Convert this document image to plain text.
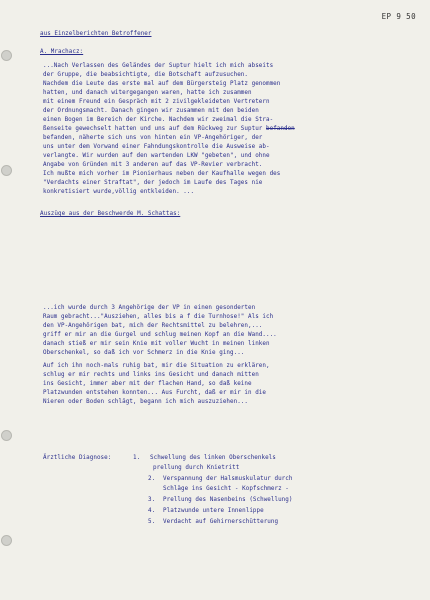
EP 9 50
aus Einzelberichten Betroffener
A. Mrachacz:
...Nach Verlassen des Geländes der Suptur hielt ich mich abseits
der Gruppe, die beabsichtigte, die Botschaft aufzusuchen.
Nachdem die Leute das erste mal auf dem Bürgersteig Platz genommen
hatten, und danach witergegangen waren, hatte ich zusammen
mit einem Freund ein Gespräch mit 2 zivilgekleideten Vertretern
der Ordnungsmacht. Danach gingen wir zusammen mit den beiden
einen Bogen im Bereich der Kirche. Nachdem wir zweimal die Stra-
ßenseite gewechselt hatten und uns auf dem Rückweg zur Suptur befanden
befanden, näherte sich uns von hinten ein VP-Angehöriger, der
uns unter dem Vorwand einer Fahndungskontrolle die Ausweise ab-
verlangte. Wir wurden auf den wartenden LKW "gebeten", und ohne
Angabe von Gründen mit 3 anderen auf das VP-Revier verbracht.
Ich mußte mich vorher im Pionierhaus neben der Kaufhalle wegen des
"Verdachts einer Straftat", der jedoch im Laufe des Tages nie
konkretisiert wurde,völlig entkleiden. ...
Auszüge aus der Beschwerde M. Schattas:
...ich wurde durch 3 Angehörige der VP in einen gesonderten
Raum gebracht..."Ausziehen, alles bis a f die Turnhose!" Als ich
den VP-Angehörigen bat, mich der Rechtsmittel zu belehren,...
griff er mir an die Gurgel und schlug meinen Kopf an die Wand....
danach stieß er mir sein Knie mit voller Wucht in meinen linken
Oberschenkel, so daß ich vor Schmerz in die Knie ging...
Auf ich ihn noch-mals ruhig bat, mir die Situation zu erklären,
schlug er mir rechts und links ins Gesicht und danach mitten
ins Gesicht, immer aber mit der flachen Hand, so daß keine
Platzwunden entstehen konnten... Aus Furcht, daß er mir in die
Nieren oder Boden schlägt, begann ich mich auszuziehen...
Ärztliche Diagnose:	1. Schwellung des linken Oberschenkels
prellung durch Knietritt
2. Verspannung der Halsmuskulatur durch
Schläge ins Gesicht - Kopfschmerz -
3. Prellung des Nasenbeins (Schwellung)
4. Platzwunde untere Innenlippe
5. Verdacht auf Gehirnerschütterung
